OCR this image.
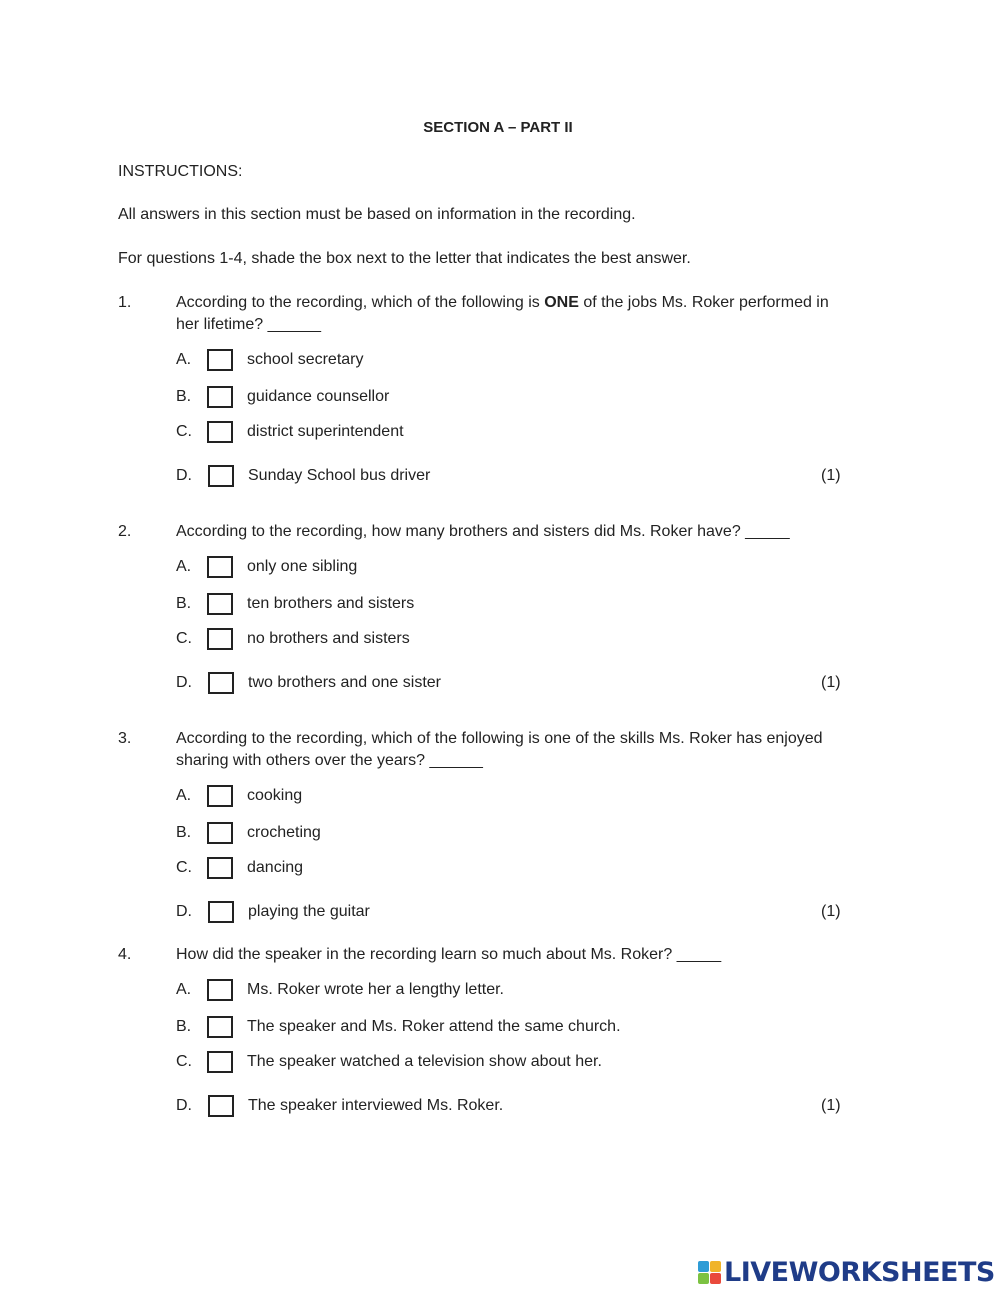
SECTION A – PART II
INSTRUCTIONS:
All answers in this section must be based on information in the recording.
For questions 1-4, shade the box next to the letter that indicates the best answer.
1.	According to the recording, which of the following is ONE of the jobs Ms. Roker performed in
her lifetime? ______
A.	school secretary
B.	guidance counsellor
C.	district superintendent
D.	Sunday School bus driver	(1)
2.	According to the recording, how many brothers and sisters did Ms. Roker have? _____
A.	only one sibling
B.	ten brothers and sisters
C.	no brothers and sisters
D.	two brothers and one sister	(1)
3.	According to the recording, which of the following is one of the skills Ms. Roker has enjoyed
sharing with others over the years? ______
A.	cooking
B.	crocheting
C.	dancing
D.	playing the guitar	(1)
4.	How did the speaker in the recording learn so much about Ms. Roker? _____
A.	Ms. Roker wrote her a lengthy letter.
B.	The speaker and Ms. Roker attend the same church.
C.	The speaker watched a television show about her.
D.	The speaker interviewed Ms. Roker.	(1)
LIVEWORKSHEETS
